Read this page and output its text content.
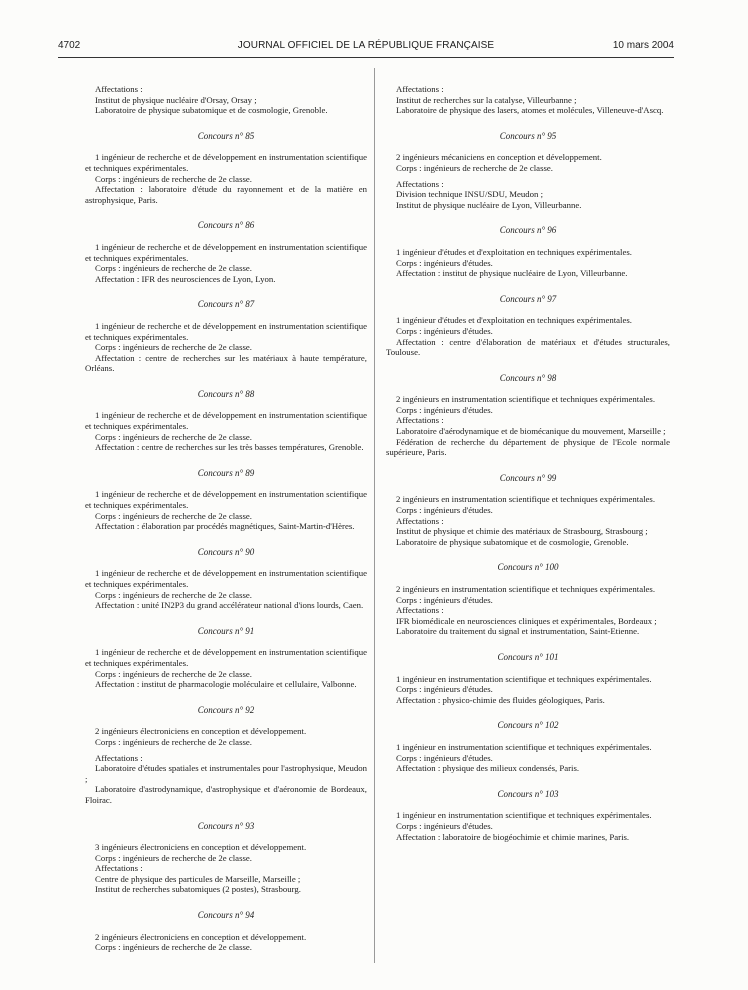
4702	JOURNAL OFFICIEL DE LA RÉPUBLIQUE FRANÇAISE	10 mars 2004

Affectations :

Institut de physique nucléaire d'Orsay, Orsay ;

Laboratoire de physique subatomique et de cosmologie, Grenoble.

Concours n° 85

1 ingénieur de recherche et de développement en instrumentation scientifique et techniques expérimentales.

Corps : ingénieurs de recherche de 2e classe.

Affectation : laboratoire d'étude du rayonnement et de la matière en astrophysique, Paris.

Concours n° 86

1 ingénieur de recherche et de développement en instrumentation scientifique et techniques expérimentales.

Corps : ingénieurs de recherche de 2e classe.

Affectation : IFR des neurosciences de Lyon, Lyon.

Concours n° 87

1 ingénieur de recherche et de développement en instrumentation scientifique et techniques expérimentales.

Corps : ingénieurs de recherche de 2e classe.

Affectation : centre de recherches sur les matériaux à haute température, Orléans.

Concours n° 88

1 ingénieur de recherche et de développement en instrumentation scientifique et techniques expérimentales.

Corps : ingénieurs de recherche de 2e classe.

Affectation : centre de recherches sur les très basses températures, Grenoble.

Concours n° 89

1 ingénieur de recherche et de développement en instrumentation scientifique et techniques expérimentales.

Corps : ingénieurs de recherche de 2e classe.

Affectation : élaboration par procédés magnétiques, Saint-Martin-d'Hères.

Concours n° 90

1 ingénieur de recherche et de développement en instrumentation scientifique et techniques expérimentales.

Corps : ingénieurs de recherche de 2e classe.

Affectation : unité IN2P3 du grand accélérateur national d'ions lourds, Caen.

Concours n° 91

1 ingénieur de recherche et de développement en instrumentation scientifique et techniques expérimentales.

Corps : ingénieurs de recherche de 2e classe.

Affectation : institut de pharmacologie moléculaire et cellulaire, Valbonne.

Concours n° 92

2 ingénieurs électroniciens en conception et développement.

Corps : ingénieurs de recherche de 2e classe.

Affectations :

Laboratoire d'études spatiales et instrumentales pour l'astrophysique, Meudon ;

Laboratoire d'astrodynamique, d'astrophysique et d'aéronomie de Bordeaux, Floirac.

Concours n° 93

3 ingénieurs électroniciens en conception et développement.

Corps : ingénieurs de recherche de 2e classe.

Affectations :

Centre de physique des particules de Marseille, Marseille ;

Institut de recherches subatomiques (2 postes), Strasbourg.

Concours n° 94

2 ingénieurs électroniciens en conception et développement.

Corps : ingénieurs de recherche de 2e classe.

Affectations :

Institut de recherches sur la catalyse, Villeurbanne ;

Laboratoire de physique des lasers, atomes et molécules, Villeneuve-d'Ascq.

Concours n° 95

2 ingénieurs mécaniciens en conception et développement.

Corps : ingénieurs de recherche de 2e classe.

Affectations :

Division technique INSU/SDU, Meudon ;

Institut de physique nucléaire de Lyon, Villeurbanne.

Concours n° 96

1 ingénieur d'études et d'exploitation en techniques expérimentales.

Corps : ingénieurs d'études.

Affectation : institut de physique nucléaire de Lyon, Villeurbanne.

Concours n° 97

1 ingénieur d'études et d'exploitation en techniques expérimentales.

Corps : ingénieurs d'études.

Affectation : centre d'élaboration de matériaux et d'études structurales, Toulouse.

Concours n° 98

2 ingénieurs en instrumentation scientifique et techniques expérimentales.

Corps : ingénieurs d'études.

Affectations :

Laboratoire d'aérodynamique et de biomécanique du mouvement, Marseille ;

Fédération de recherche du département de physique de l'Ecole normale supérieure, Paris.

Concours n° 99

2 ingénieurs en instrumentation scientifique et techniques expérimentales.

Corps : ingénieurs d'études.

Affectations :

Institut de physique et chimie des matériaux de Strasbourg, Strasbourg ;

Laboratoire de physique subatomique et de cosmologie, Grenoble.

Concours n° 100

2 ingénieurs en instrumentation scientifique et techniques expérimentales.

Corps : ingénieurs d'études.

Affectations :

IFR biomédicale en neurosciences cliniques et expérimentales, Bordeaux ;

Laboratoire du traitement du signal et instrumentation, Saint-Etienne.

Concours n° 101

1 ingénieur en instrumentation scientifique et techniques expérimentales.

Corps : ingénieurs d'études.

Affectation : physico-chimie des fluides géologiques, Paris.

Concours n° 102

1 ingénieur en instrumentation scientifique et techniques expérimentales.

Corps : ingénieurs d'études.

Affectation : physique des milieux condensés, Paris.

Concours n° 103

1 ingénieur en instrumentation scientifique et techniques expérimentales.

Corps : ingénieurs d'études.

Affectation : laboratoire de biogéochimie et chimie marines, Paris.
